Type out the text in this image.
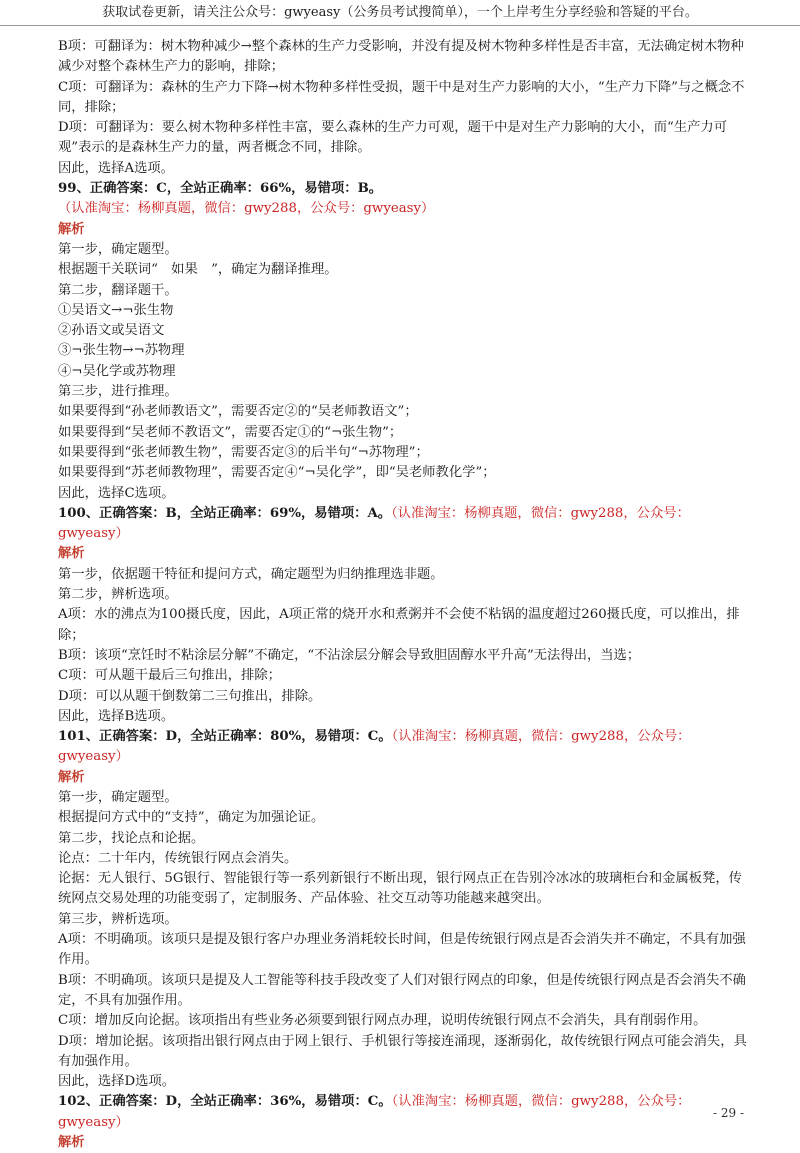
获取试卷更新，请关注公众号：gwyeasy（公务员考试搜简单），一个上岸考生分享经验和答疑的平台。

B项：可翻译为：树木物种减少→整个森林的生产力受影响，并没有提及树木物种多样性是否丰富，无法确定树木物种减少对整个森林生产力的影响，排除；

C项：可翻译为：森林的生产力下降→树木物种多样性受损，题干中是对生产力影响的大小，“生产力下降”与之概念不同，排除；

D项：可翻译为：要么树木物种多样性丰富，要么森林的生产力可观，题干中是对生产力影响的大小，而“生产力可观”表示的是森林生产力的量，两者概念不同，排除。

因此，选择A选项。

99、正确答案：C，全站正确率：66%，易错项：B。（认准淘宝：杨柳真题，微信：gwy288，公众号：gwyeasy）

解析

第一步，确定题型。

根据题干关联词“　如果　”，确定为翻译推理。

第二步，翻译题干。

①吴语文→¬张生物

②孙语文或吴语文

③¬张生物→¬苏物理

④¬吴化学或苏物理

第三步，进行推理。

如果要得到“孙老师教语文”，需要否定②的“吴老师教语文”；

如果要得到“吴老师不教语文”，需要否定①的“¬张生物”；

如果要得到“张老师教生物”，需要否定③的后半句“¬苏物理”；

如果要得到“苏老师教物理”，需要否定④“¬吴化学”，即“吴老师教化学”；

因此，选择C选项。

100、正确答案：B，全站正确率：69%，易错项：A。（认准淘宝：杨柳真题，微信：gwy288，公众号：gwyeasy）

解析

第一步，依据题干特征和提问方式，确定题型为归纳推理选非题。

第二步，辨析选项。

A项：水的沸点为100摄氏度，因此，A项正常的烧开水和煮粥并不会使不粘锅的温度超过260摄氏度，可以推出，排除；

B项：该项“烹饪时不粘涂层分解”不确定，“不沾涂层分解会导致胆固醇水平升高”无法得出，当选；

C项：可从题干最后三句推出，排除；

D项：可以从题干倒数第二三句推出，排除。

因此，选择B选项。

101、正确答案：D，全站正确率：80%，易错项：C。（认准淘宝：杨柳真题，微信：gwy288，公众号：gwyeasy）

解析

第一步，确定题型。

根据提问方式中的“支持”，确定为加强论证。

第二步，找论点和论据。

论点：二十年内，传统银行网点会消失。

论据：无人银行、5G银行、智能银行等一系列新银行不断出现，银行网点正在告别冷冰冰的玻璃柜台和金属板凳，传统网点交易处理的功能变弱了，定制服务、产品体验、社交互动等功能越来越突出。

第三步，辨析选项。

A项：不明确项。该项只是提及银行客户办理业务消耗较长时间，但是传统银行网点是否会消失并不确定，不具有加强作用。

B项：不明确项。该项只是提及人工智能等科技手段改变了人们对银行网点的印象，但是传统银行网点是否会消失不确定，不具有加强作用。

C项：增加反向论据。该项指出有些业务必须要到银行网点办理，说明传统银行网点不会消失，具有削弱作用。

D项：增加论据。该项指出银行网点由于网上银行、手机银行等接连涌现，逐渐弱化，故传统银行网点可能会消失，具有加强作用。

因此，选择D选项。

102、正确答案：D，全站正确率：36%，易错项：C。（认准淘宝：杨柳真题，微信：gwy288，公众号：gwyeasy）

解析

- 29 -
